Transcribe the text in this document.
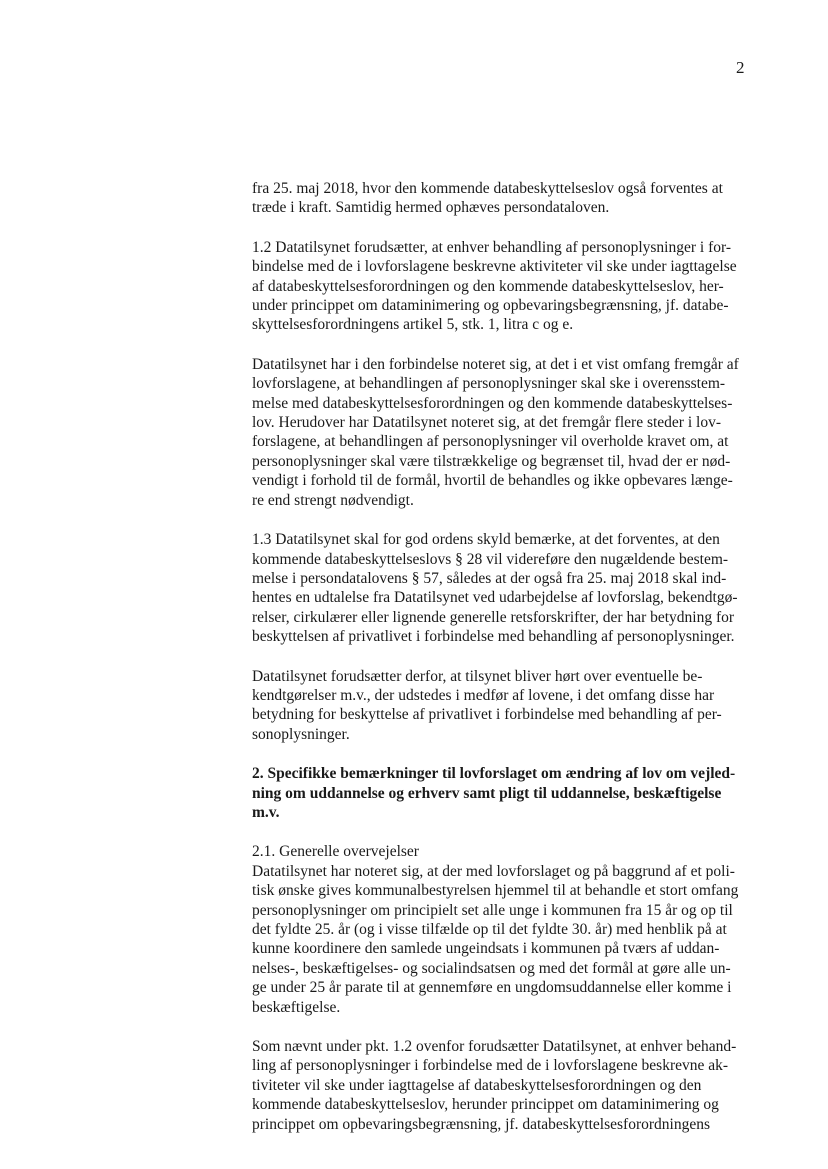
2
fra 25. maj 2018, hvor den kommende databeskyttelseslov også forventes at
træde i kraft. Samtidig hermed ophæves persondataloven.
1.2 Datatilsynet forudsætter, at enhver behandling af personoplysninger i for-
bindelse med de i lovforslagene beskrevne aktiviteter vil ske under iagttagelse
af databeskyttelsesforordningen og den kommende databeskyttelseslov, her-
under princippet om dataminimering og opbevaringsbegrænsning, jf. databe-
skyttelsesforordningens artikel 5, stk. 1, litra c og e.
Datatilsynet har i den forbindelse noteret sig, at det i et vist omfang fremgår af
lovforslagene, at behandlingen af personoplysninger skal ske i overensstem-
melse med databeskyttelsesforordningen og den kommende databeskyttelses-
lov. Herudover har Datatilsynet noteret sig, at det fremgår flere steder i lov-
forslagene, at behandlingen af personoplysninger vil overholde kravet om, at
personoplysninger skal være tilstrækkelige og begrænset til, hvad der er nød-
vendigt i forhold til de formål, hvortil de behandles og ikke opbevares længe-
re end strengt nødvendigt.
1.3 Datatilsynet skal for god ordens skyld bemærke, at det forventes, at den
kommende databeskyttelseslovs § 28 vil videreføre den nugældende bestem-
melse i persondatalovens § 57, således at der også fra 25. maj 2018 skal ind-
hentes en udtalelse fra Datatilsynet ved udarbejdelse af lovforslag, bekendtgø-
relser, cirkulærer eller lignende generelle retsforskrifter, der har betydning for
beskyttelsen af privatlivet i forbindelse med behandling af personoplysninger.
Datatilsynet forudsætter derfor, at tilsynet bliver hørt over eventuelle be-
kendtgørelser m.v., der udstedes i medfør af lovene, i det omfang disse har
betydning for beskyttelse af privatlivet i forbindelse med behandling af per-
sonoplysninger.
2. Specifikke bemærkninger til lovforslaget om ændring af lov om vejled-
ning om uddannelse og erhverv samt pligt til uddannelse, beskæftigelse
m.v.
2.1. Generelle overvejelser
Datatilsynet har noteret sig, at der med lovforslaget og på baggrund af et poli-
tisk ønske gives kommunalbestyrelsen hjemmel til at behandle et stort omfang
personoplysninger om principielt set alle unge i kommunen fra 15 år og op til
det fyldte 25. år (og i visse tilfælde op til det fyldte 30. år) med henblik på at
kunne koordinere den samlede ungeindsats i kommunen på tværs af uddan-
nelses-, beskæftigelses- og socialindsatsen og med det formål at gøre alle un-
ge under 25 år parate til at gennemføre en ungdomsuddannelse eller komme i
beskæftigelse.
Som nævnt under pkt. 1.2 ovenfor forudsætter Datatilsynet, at enhver behand-
ling af personoplysninger i forbindelse med de i lovforslagene beskrevne ak-
tiviteter vil ske under iagttagelse af databeskyttelsesforordningen og den
kommende databeskyttelseslov, herunder princippet om dataminimering og
princippet om opbevaringsbegrænsning, jf. databeskyttelsesforordningens
